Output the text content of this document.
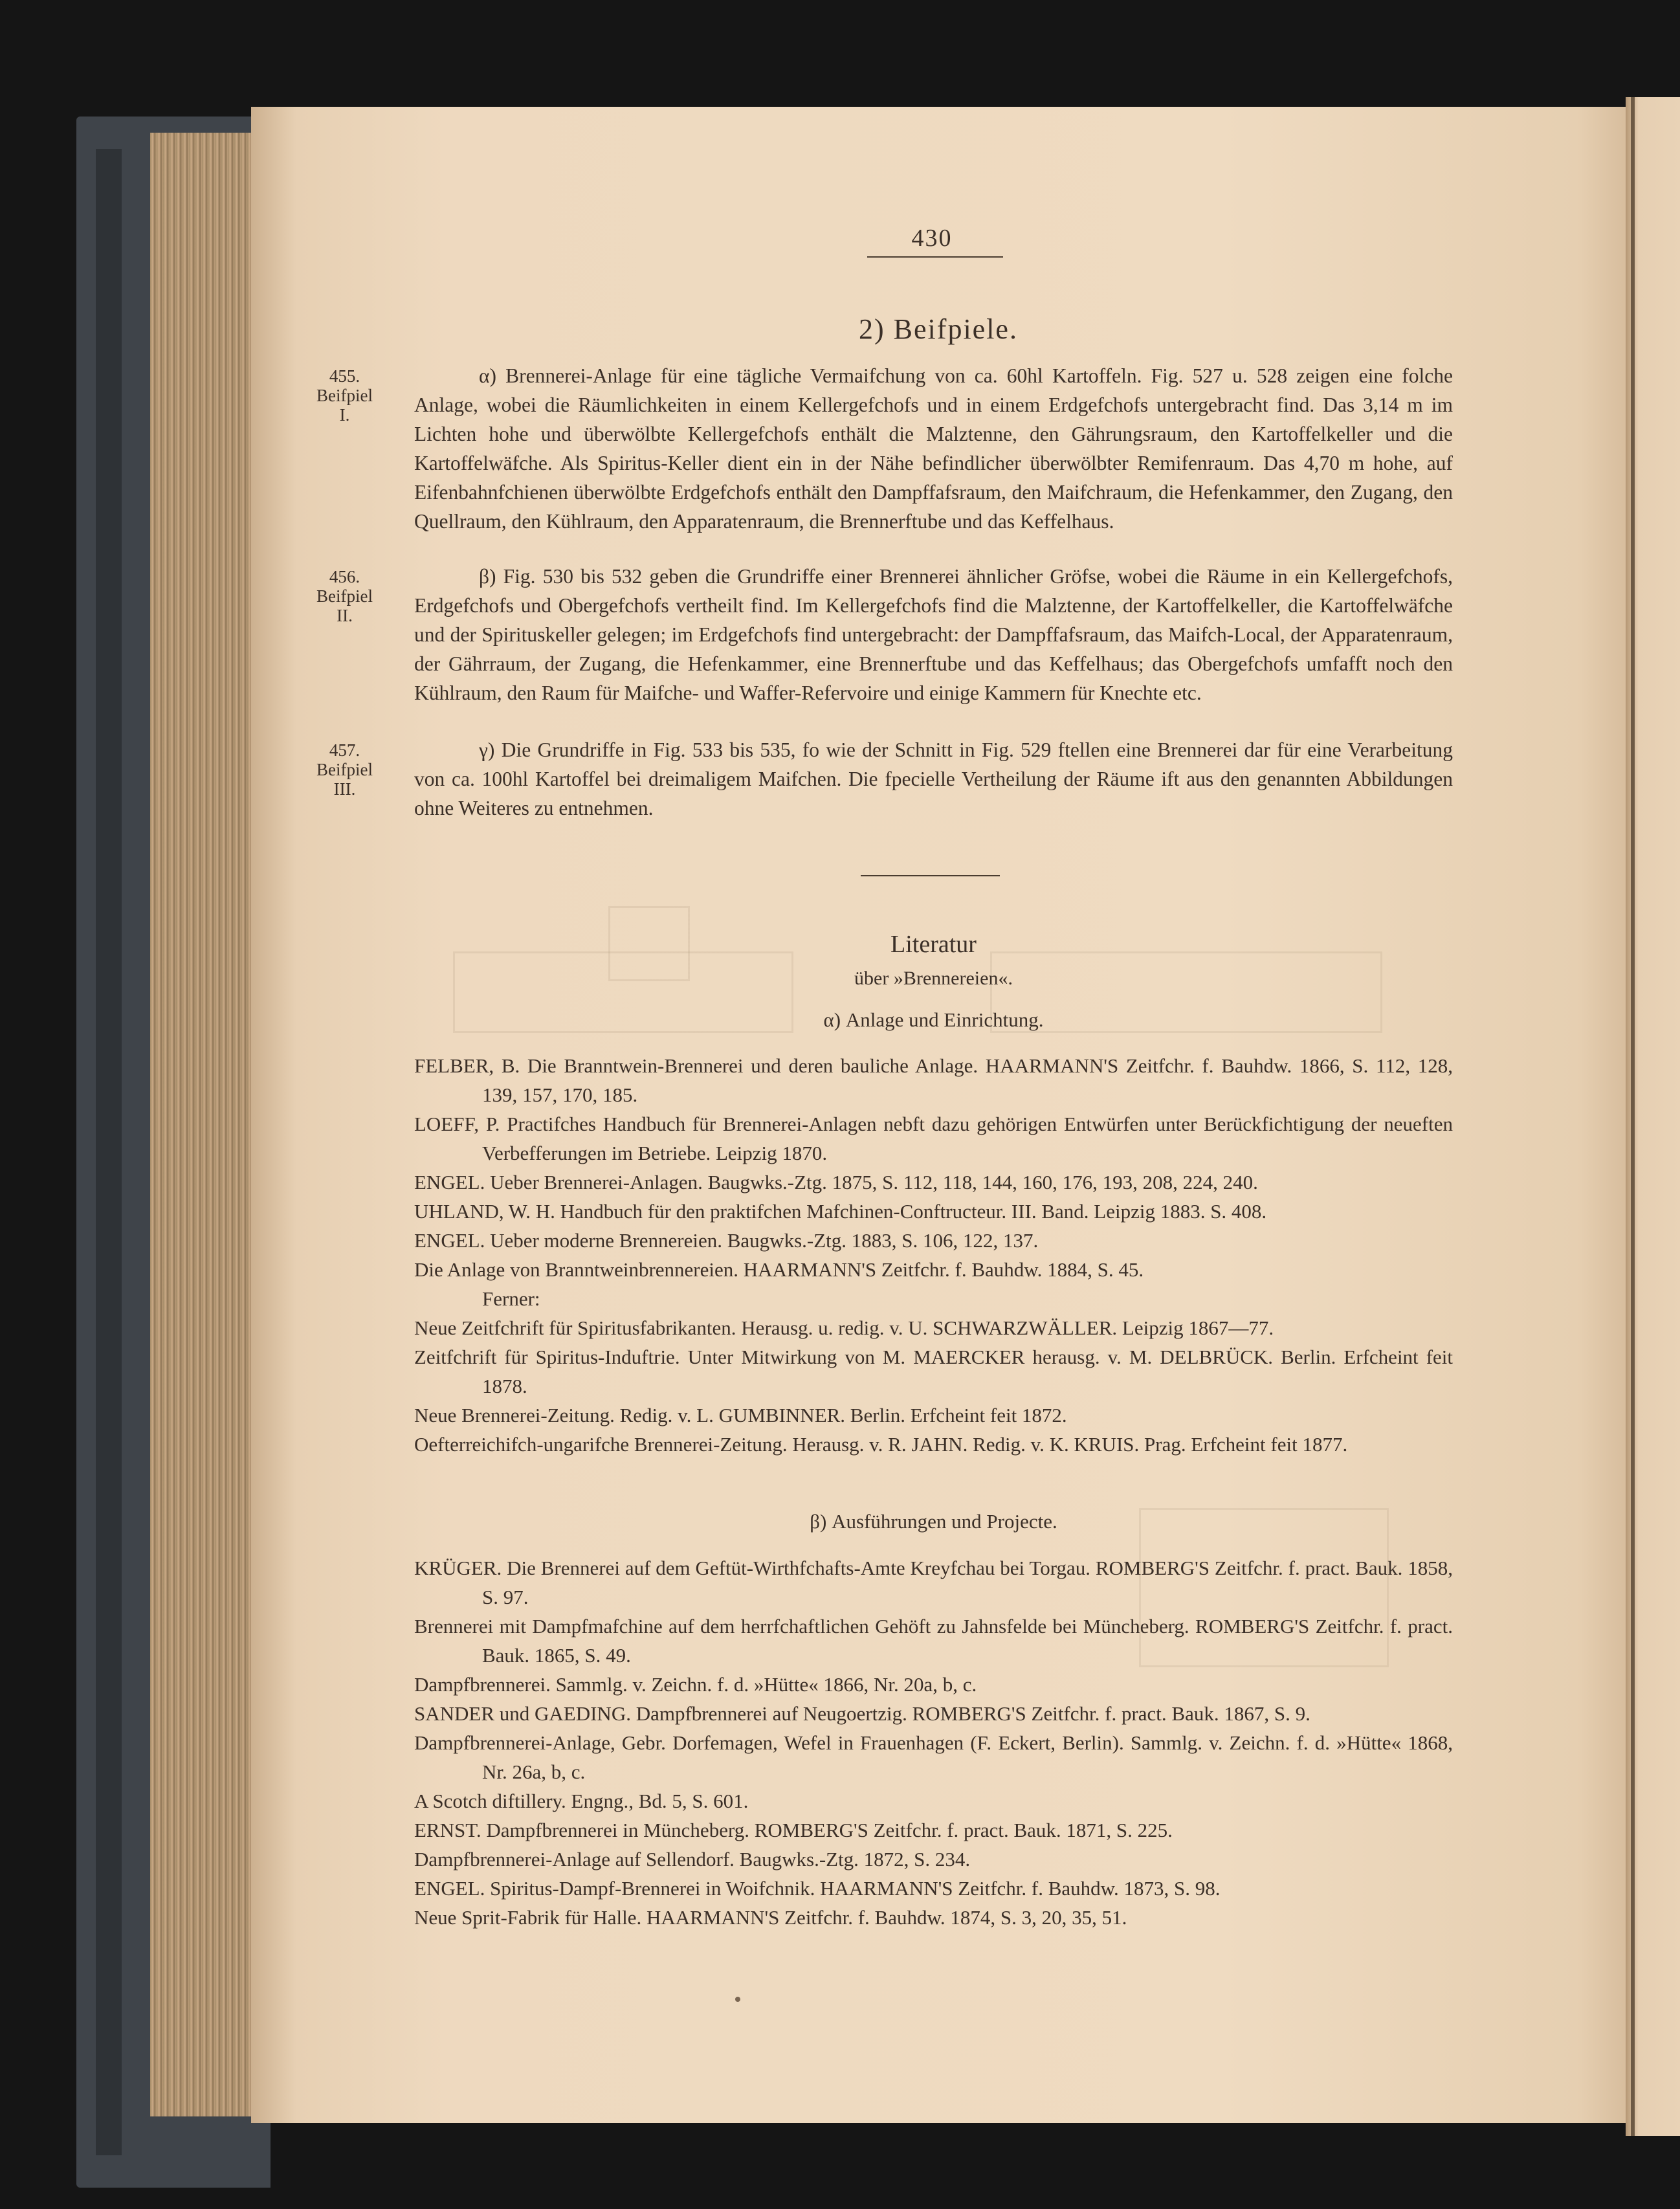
430
2) Beifpiele.
455.
Beifpiel
I.
456.
Beifpiel
II.
457.
Beifpiel
III.

α) Brennerei-Anlage für eine tägliche Vermaifchung von ca. 60hl Kartoffeln. Fig. 527 u. 528 zeigen eine folche Anlage, wobei die Räumlichkeiten in einem Kellergefchofs und in einem Erdgefchofs untergebracht find. Das 3,14 m im Lichten hohe und überwölbte Kellergefchofs enthält die Malztenne, den Gährungsraum, den Kartoffelkeller und die Kartoffelwäfche. Als Spiritus-Keller dient ein in der Nähe befindlicher überwölbter Remifenraum. Das 4,70 m hohe, auf Eifenbahnfchienen überwölbte Erdgefchofs enthält den Dampffafsraum, den Maifchraum, die Hefenkammer, den Zugang, den Quellraum, den Kühlraum, den Apparatenraum, die Brennerftube und das Keffelhaus.

β) Fig. 530 bis 532 geben die Grundriffe einer Brennerei ähnlicher Gröfse, wobei die Räume in ein Kellergefchofs, Erdgefchofs und Obergefchofs vertheilt find. Im Kellergefchofs find die Malztenne, der Kartoffelkeller, die Kartoffelwäfche und der Spirituskeller gelegen; im Erdgefchofs find untergebracht: der Dampffafsraum, das Maifch-Local, der Apparatenraum, der Gährraum, der Zugang, die Hefenkammer, eine Brennerftube und das Keffelhaus; das Obergefchofs umfafft noch den Kühlraum, den Raum für Maifche- und Waffer-Refervoire und einige Kammern für Knechte etc.

γ) Die Grundriffe in Fig. 533 bis 535, fo wie der Schnitt in Fig. 529 ftellen eine Brennerei dar für eine Verarbeitung von ca. 100hl Kartoffel bei dreimaligem Maifchen. Die fpecielle Vertheilung der Räume ift aus den genannten Abbildungen ohne Weiteres zu entnehmen.

Literatur

über »Brennereien«.

α) Anlage und Einrichtung.

FELBER, B. Die Branntwein-Brennerei und deren bauliche Anlage. HAARMANN'S Zeitfchr. f. Bauhdw. 1866, S. 112, 128, 139, 157, 170, 185.
LOEFF, P. Practifches Handbuch für Brennerei-Anlagen nebft dazu gehörigen Entwürfen unter Berückfichtigung der neueften Verbefferungen im Betriebe. Leipzig 1870.
ENGEL. Ueber Brennerei-Anlagen. Baugwks.-Ztg. 1875, S. 112, 118, 144, 160, 176, 193, 208, 224, 240.
UHLAND, W. H. Handbuch für den praktifchen Mafchinen-Conftructeur. III. Band. Leipzig 1883. S. 408.
ENGEL. Ueber moderne Brennereien. Baugwks.-Ztg. 1883, S. 106, 122, 137.
Die Anlage von Branntweinbrennereien. HAARMANN'S Zeitfchr. f. Bauhdw. 1884, S. 45.
Ferner:
Neue Zeitfchrift für Spiritusfabrikanten. Herausg. u. redig. v. U. SCHWARZWÄLLER. Leipzig 1867—77.
Zeitfchrift für Spiritus-Induftrie. Unter Mitwirkung von M. MAERCKER herausg. v. M. DELBRÜCK. Berlin. Erfcheint feit 1878.
Neue Brennerei-Zeitung. Redig. v. L. GUMBINNER. Berlin. Erfcheint feit 1872.
Oefterreichifch-ungarifche Brennerei-Zeitung. Herausg. v. R. JAHN. Redig. v. K. KRUIS. Prag. Erfcheint feit 1877.

β) Ausführungen und Projecte.

KRÜGER. Die Brennerei auf dem Geftüt-Wirthfchafts-Amte Kreyfchau bei Torgau. ROMBERG'S Zeitfchr. f. pract. Bauk. 1858, S. 97.
Brennerei mit Dampfmafchine auf dem herrfchaftlichen Gehöft zu Jahnsfelde bei Müncheberg. ROMBERG'S Zeitfchr. f. pract. Bauk. 1865, S. 49.
Dampfbrennerei. Sammlg. v. Zeichn. f. d. »Hütte« 1866, Nr. 20a, b, c.
SANDER und GAEDING. Dampfbrennerei auf Neugoertzig. ROMBERG'S Zeitfchr. f. pract. Bauk. 1867, S. 9.
Dampfbrennerei-Anlage, Gebr. Dorfemagen, Wefel in Frauenhagen (F. Eckert, Berlin). Sammlg. v. Zeichn. f. d. »Hütte« 1868, Nr. 26a, b, c.
A Scotch diftillery. Engng., Bd. 5, S. 601.
ERNST. Dampfbrennerei in Müncheberg. ROMBERG'S Zeitfchr. f. pract. Bauk. 1871, S. 225.
Dampfbrennerei-Anlage auf Sellendorf. Baugwks.-Ztg. 1872, S. 234.
ENGEL. Spiritus-Dampf-Brennerei in Woifchnik. HAARMANN'S Zeitfchr. f. Bauhdw. 1873, S. 98.
Neue Sprit-Fabrik für Halle. HAARMANN'S Zeitfchr. f. Bauhdw. 1874, S. 3, 20, 35, 51.
